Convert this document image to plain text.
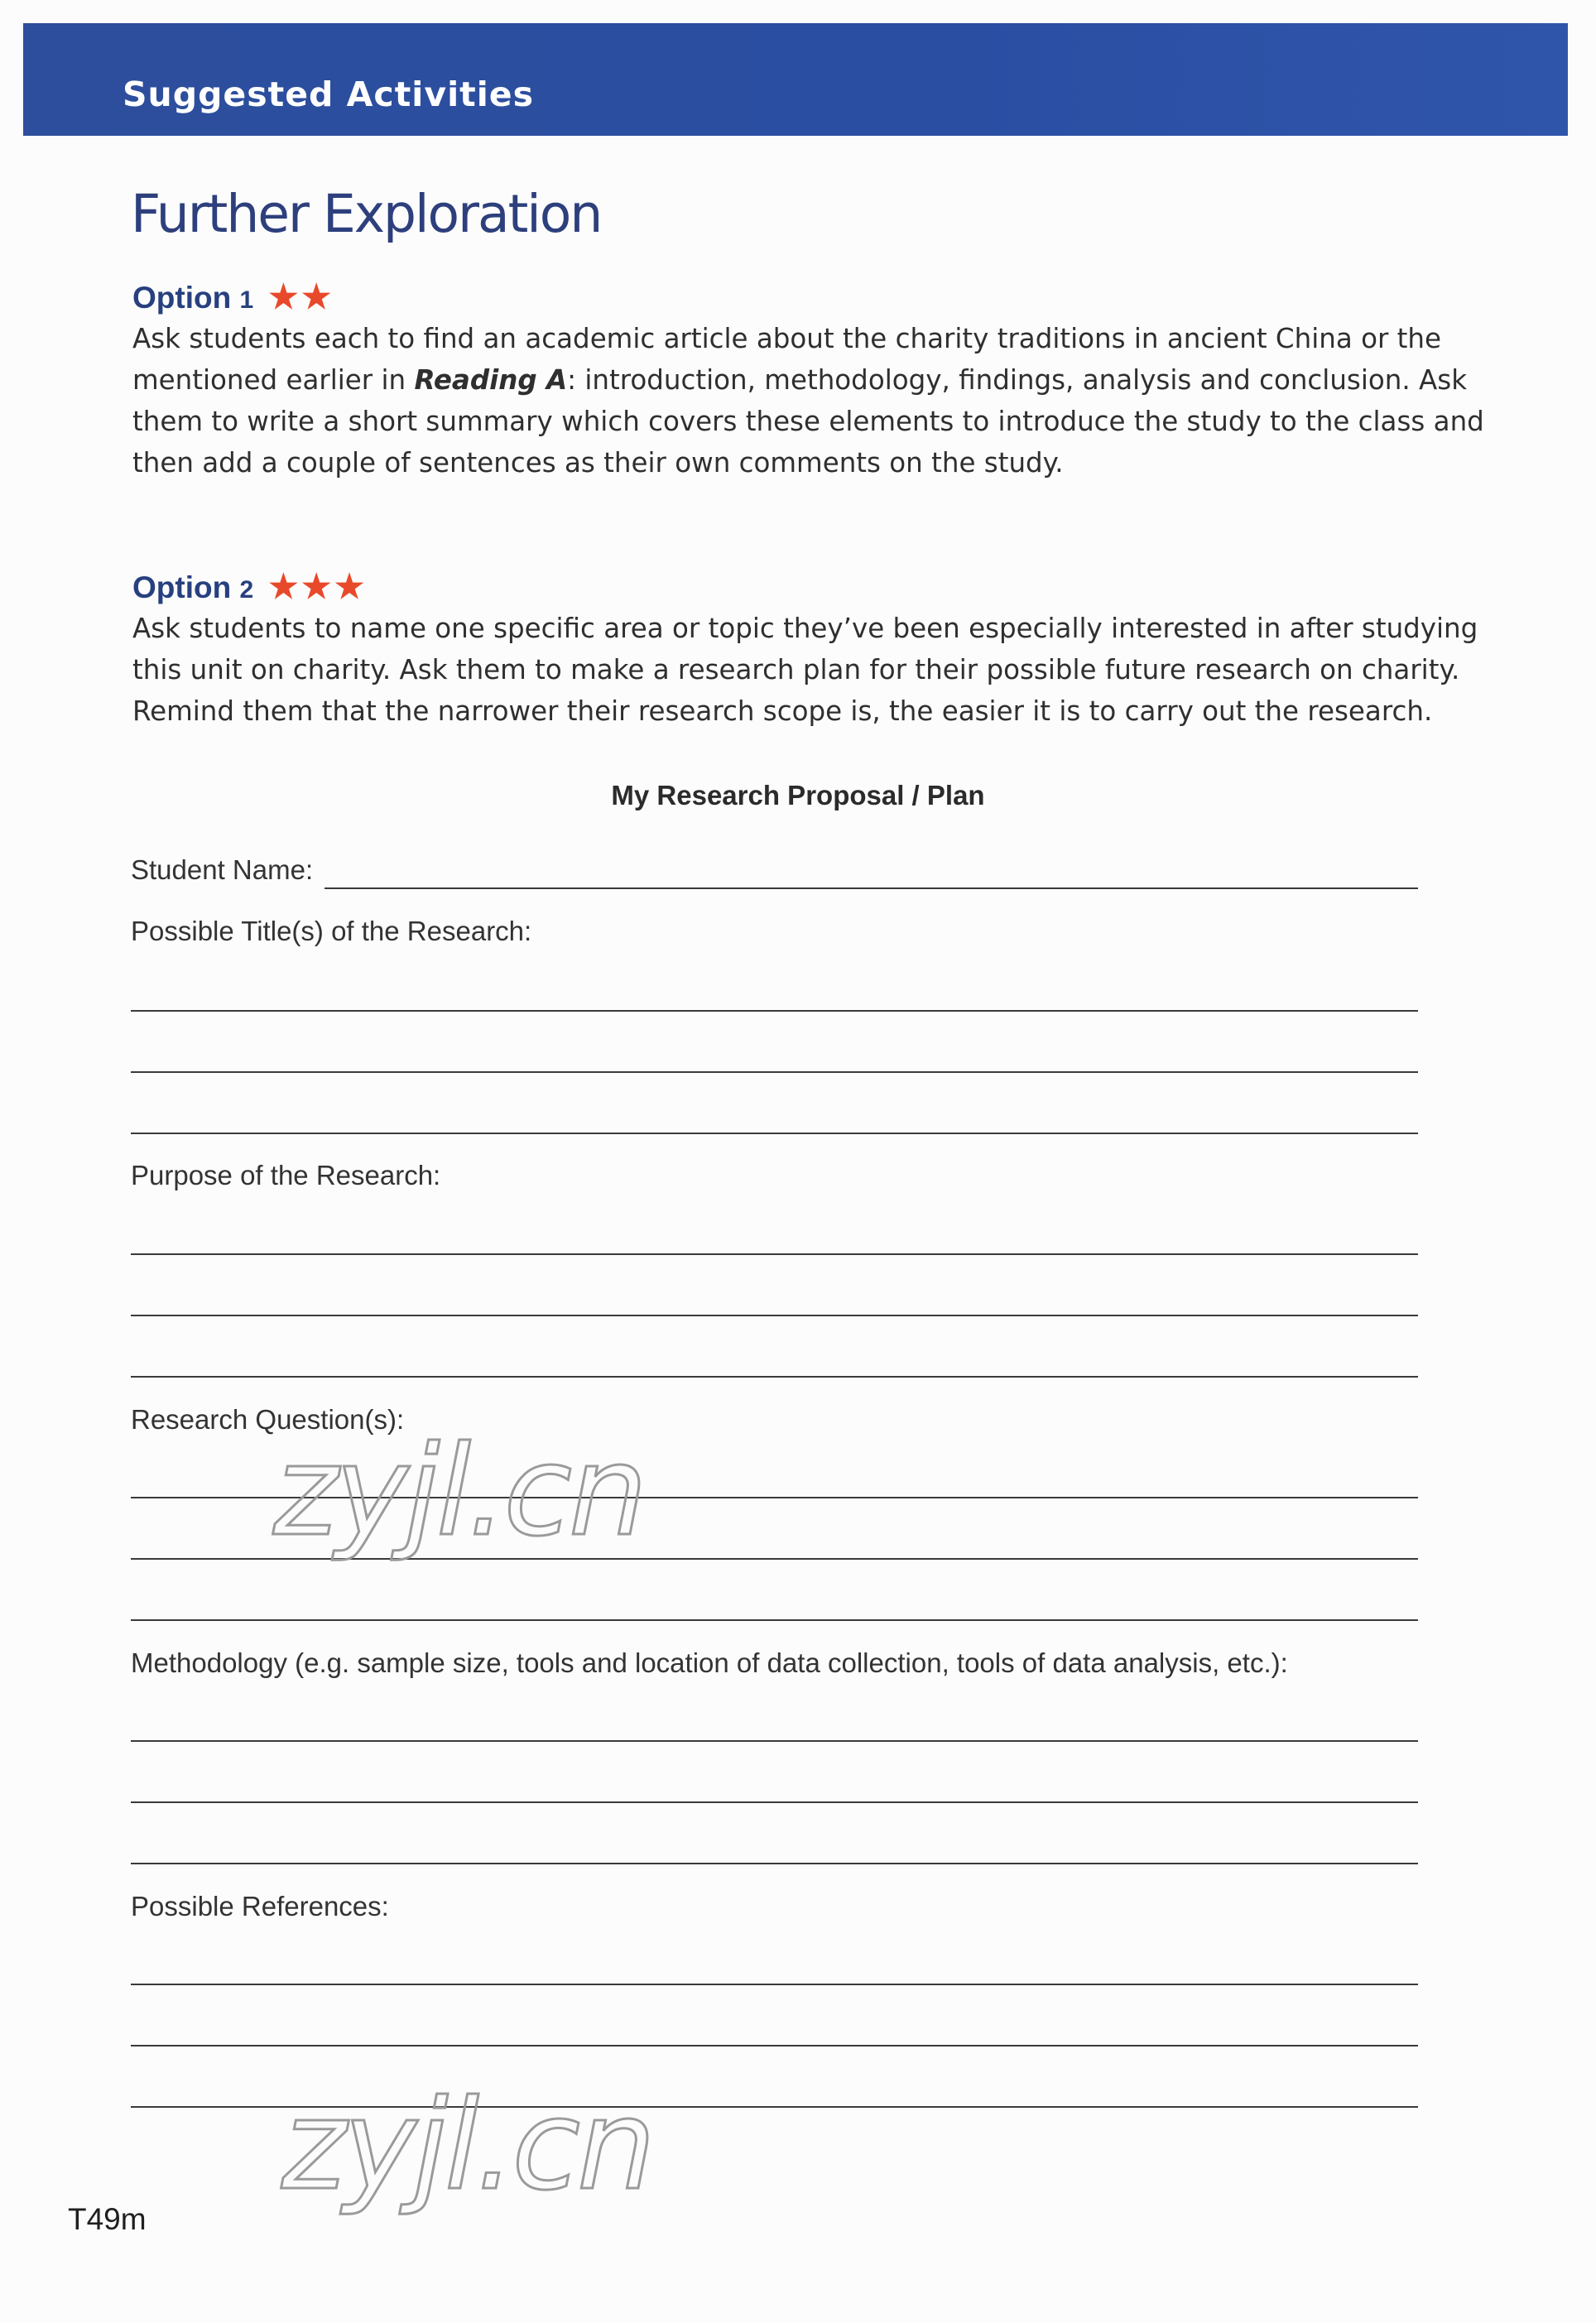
Suggested Activities
Further Exploration
Option 1 ★★
Ask students each to find an academic article about the charity traditions in ancient China or the
mentioned earlier in Reading A: introduction, methodology, findings, analysis and conclusion. Ask
them to write a short summary which covers these elements to introduce the study to the class and
then add a couple of sentences as their own comments on the study.
Option 2 ★★★
Ask students to name one specific area or topic they’ve been especially interested in after studying
this unit on charity. Ask them to make a research plan for their possible future research on charity.
Remind them that the narrower their research scope is, the easier it is to carry out the research.
My Research Proposal / Plan
Student Name:
Possible Title(s) of the Research:
Purpose of the Research:
Research Question(s):
Methodology (e.g. sample size, tools and location of data collection, tools of data analysis, etc.):
Possible References:
zyjl.cn
zyjl.cn
T49m
